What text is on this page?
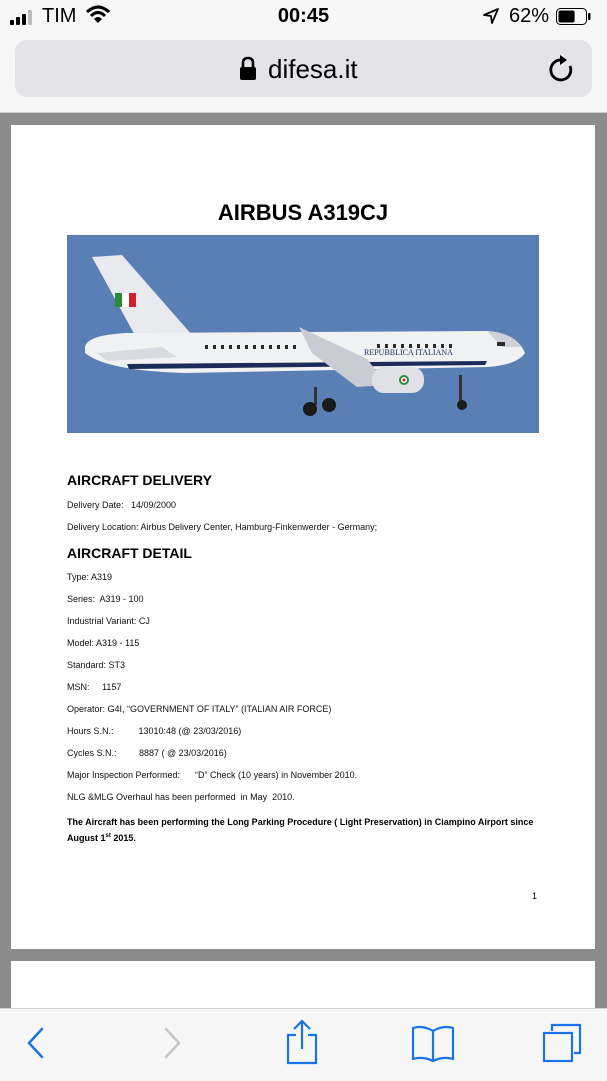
TIM	00:45	62%
difesa.it
AIRBUS A319CJ
REPUBBLICA ITALIANA
AIRCRAFT DELIVERY
Delivery Date:   14/09/2000
Delivery Location: Airbus Delivery Center, Hamburg-Finkenwerder - Germany;
AIRCRAFT DETAIL
Type: A319
Series:  A319 - 100
Industrial Variant: CJ
Model: A319 - 115
Standard: ST3
MSN:     1157
Operator: G4I, “GOVERNMENT OF ITALY” (ITALIAN AIR FORCE)
Hours S.N.:          13010:48 (@ 23/03/2016)
Cycles S.N.:         8887 ( @ 23/03/2016)
Major Inspection Performed:      “D” Check (10 years) in November 2010.
NLG &MLG Overhaul has been performed  in May  2010.
The Aircraft has been performing the Long Parking Procedure ( Light Preservation) in Ciampino Airport since August 1st 2015.
1
